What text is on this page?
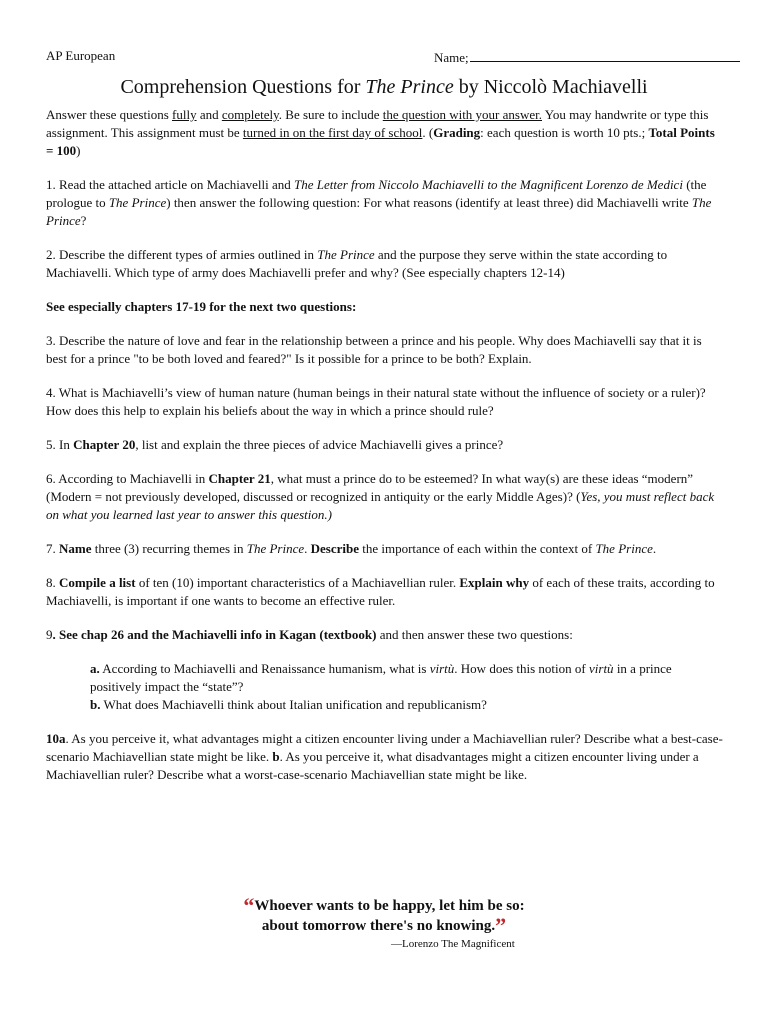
AP European	Name;
Comprehension Questions for The Prince by Niccolò Machiavelli

Answer these questions fully and completely. Be sure to include the question with your answer. You may handwrite or type this assignment. This assignment must be turned in on the first day of school. (Grading: each question is worth 10 pts.; Total Points = 100)

1. Read the attached article on Machiavelli and The Letter from Niccolo Machiavelli to the Magnificent Lorenzo de Medici (the prologue to The Prince) then answer the following question: For what reasons (identify at least three) did Machiavelli write The Prince?

2. Describe the different types of armies outlined in The Prince and the purpose they serve within the state according to Machiavelli. Which type of army does Machiavelli prefer and why? (See especially chapters 12-14)

See especially chapters 17-19 for the next two questions:

3. Describe the nature of love and fear in the relationship between a prince and his people. Why does Machiavelli say that it is best for a prince "to be both loved and feared?" Is it possible for a prince to be both? Explain.

4. What is Machiavelli’s view of human nature (human beings in their natural state without the influence of society or a ruler)? How does this help to explain his beliefs about the way in which a prince should rule?

5. In Chapter 20, list and explain the three pieces of advice Machiavelli gives a prince?

6. According to Machiavelli in Chapter 21, what must a prince do to be esteemed? In what way(s) are these ideas “modern” (Modern = not previously developed, discussed or recognized in antiquity or the early Middle Ages)? (Yes, you must reflect back on what you learned last year to answer this question.)

7. Name three (3) recurring themes in The Prince. Describe the importance of each within the context of The Prince.

8. Compile a list of ten (10) important characteristics of a Machiavellian ruler. Explain why of each of these traits, according to Machiavelli, is important if one wants to become an effective ruler.

9. See chap 26 and the Machiavelli info in Kagan (textbook) and then answer these two questions:

a. According to Machiavelli and Renaissance humanism, what is virtù. How does this notion of virtù in a prince positively impact the “state”?

b. What does Machiavelli think about Italian unification and republicanism?

10a. As you perceive it, what advantages might a citizen encounter living under a Machiavellian ruler? Describe what a best-case-scenario Machiavellian state might be like. b. As you perceive it, what disadvantages might a citizen encounter living under a Machiavellian ruler? Describe what a worst-case-scenario Machiavellian state might be like.

“Whoever wants to be happy, let him be so:
about tomorrow there's no knowing.”
—Lorenzo The Magnificent
